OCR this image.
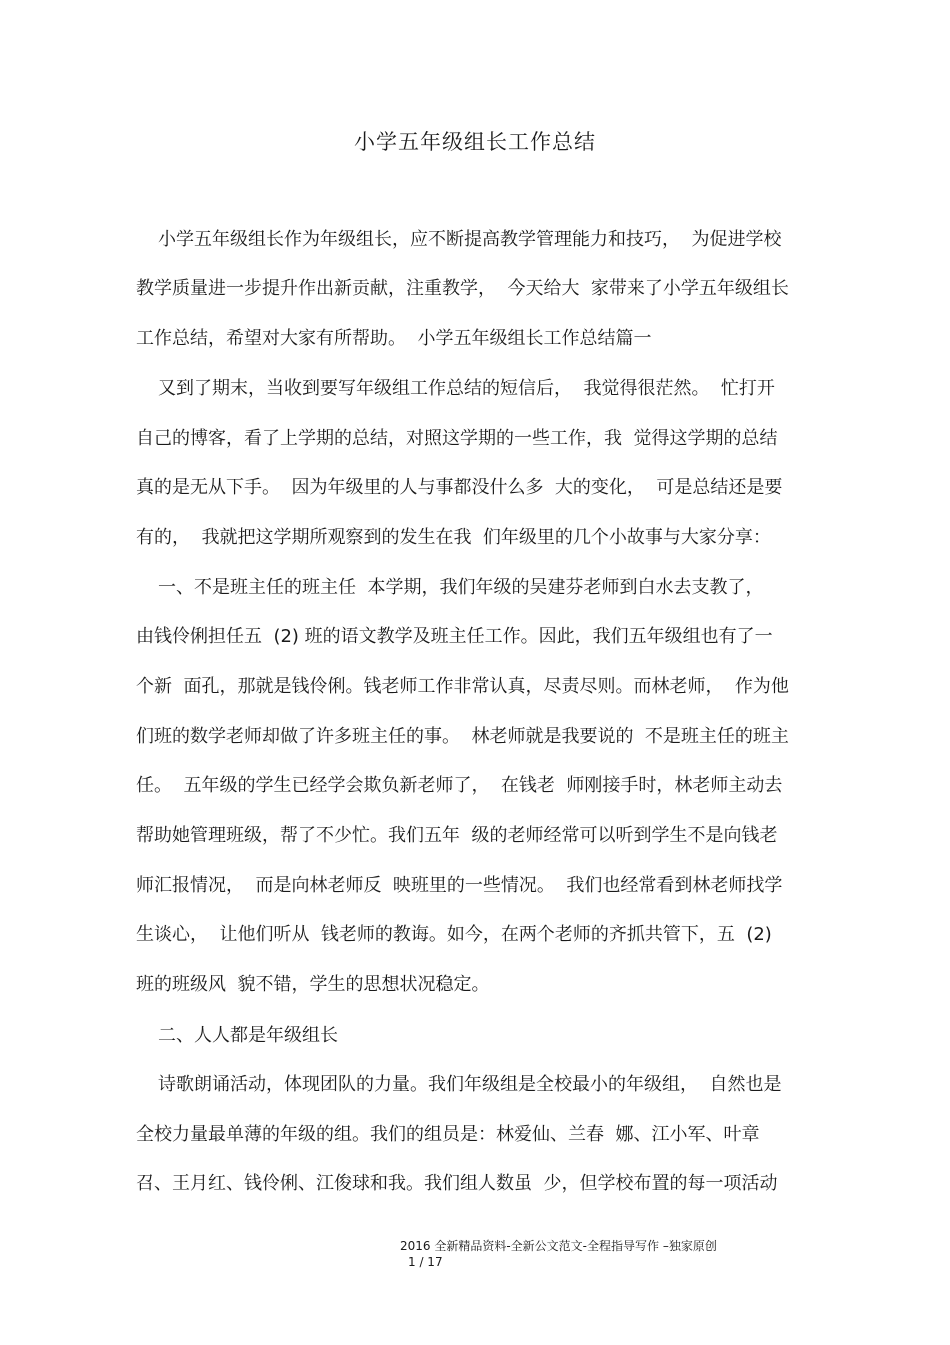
小学五年级组长工作总结
小学五年级组长作为年级组长，应不断提高教学管理能力和技巧，  为促进学校
教学质量进一步提升作出新贡献，注重教学，  今天给大  家带来了小学五年级组长
工作总结，希望对大家有所帮助。  小学五年级组长工作总结篇一
又到了期末，当收到要写年级组工作总结的短信后，  我觉得很茫然。  忙打开
自己的博客，看了上学期的总结，对照这学期的一些工作，我  觉得这学期的总结
真的是无从下手。  因为年级里的人与事都没什么多  大的变化，  可是总结还是要
有的，  我就把这学期所观察到的发生在我  们年级里的几个小故事与大家分享：
一、不是班主任的班主任  本学期，我们年级的吴建芬老师到白水去支教了，
由钱伶俐担任五  (2) 班的语文教学及班主任工作。因此，我们五年级组也有了一
个新  面孔，那就是钱伶俐。钱老师工作非常认真，尽责尽则。而林老师，  作为他
们班的数学老师却做了许多班主任的事。  林老师就是我要说的  不是班主任的班主
任。  五年级的学生已经学会欺负新老师了，  在钱老  师刚接手时，林老师主动去
帮助她管理班级，帮了不少忙。我们五年  级的老师经常可以听到学生不是向钱老
师汇报情况，  而是向林老师反  映班里的一些情况。  我们也经常看到林老师找学
生谈心，  让他们听从  钱老师的教诲。如今，在两个老师的齐抓共管下，五  (2)
班的班级风  貌不错，学生的思想状况稳定。
二、人人都是年级组长
诗歌朗诵活动，体现团队的力量。我们年级组是全校最小的年级组，  自然也是
全校力量最单薄的年级的组。我们的组员是：林爱仙、兰春  娜、江小军、叶章
召、王月红、钱伶俐、江俊球和我。我们组人数虽  少，但学校布置的每一项活动
2016 全新精品资料-全新公文范文-全程指导写作 –独家原创
1 / 17
